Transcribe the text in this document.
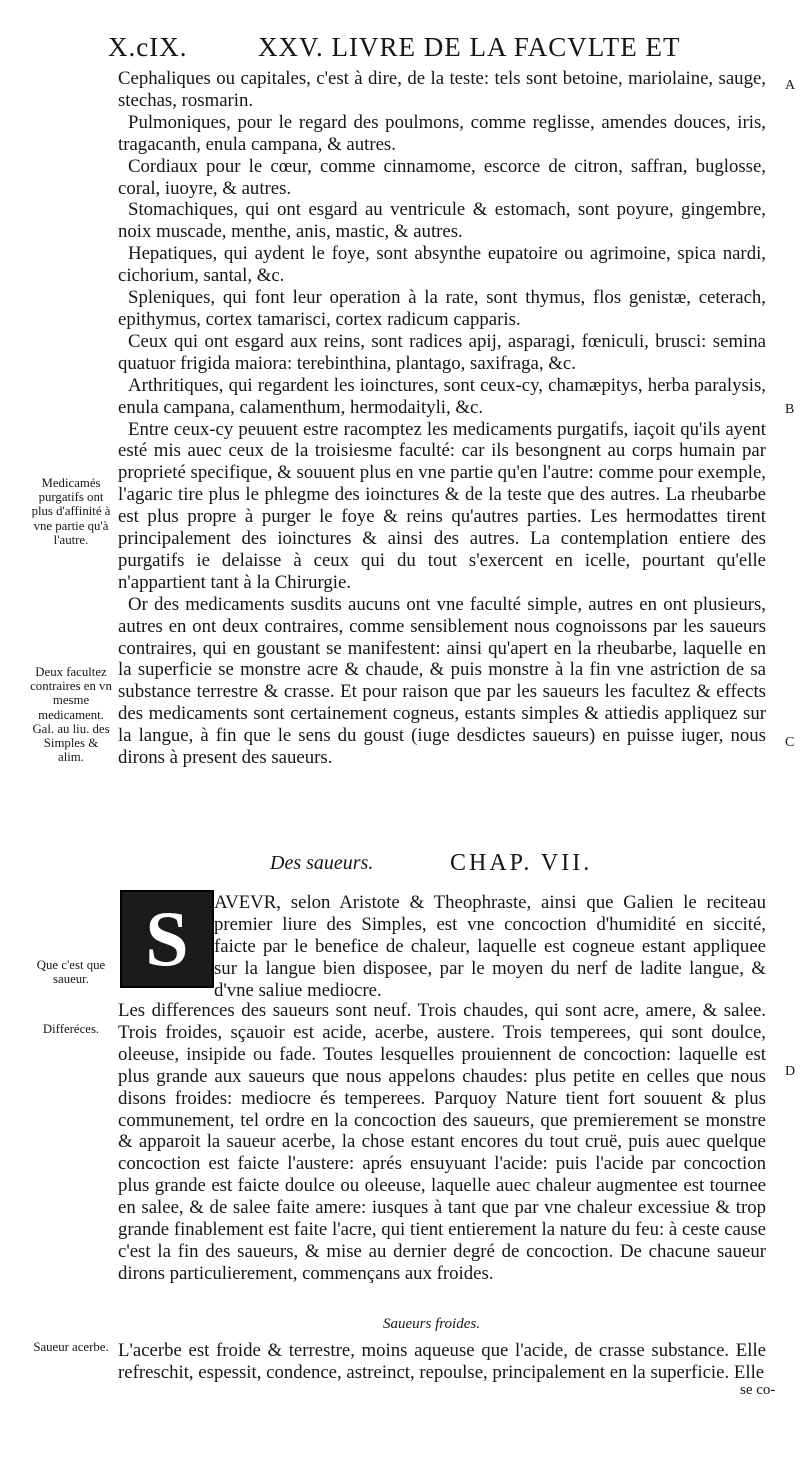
X.cIX.	XXV. LIVRE DE LA FACVLTE ET

Cephaliques ou capitales, c'est à dire, de la teste: tels sont betoine, mariolaine, sauge, stechas, rosmarin.

Pulmoniques, pour le regard des poulmons, comme reglisse, amendes douces, iris, tragacanth, enula campana, & autres.

Cordiaux pour le cœur, comme cinnamome, escorce de citron, saffran, buglosse, coral, iuoyre, & autres.

Stomachiques, qui ont esgard au ventricule & estomach, sont poyure, gingembre, noix muscade, menthe, anis, mastic, & autres.

Hepatiques, qui aydent le foye, sont absynthe eupatoire ou agrimoine, spica nardi, cichorium, santal, &c.

Spleniques, qui font leur operation à la rate, sont thymus, flos genistæ, ceterach, epithymus, cortex tamarisci, cortex radicum capparis.

Ceux qui ont esgard aux reins, sont radices apij, asparagi, fœniculi, brusci: semina quatuor frigida maiora: terebinthina, plantago, saxifraga, &c.

Arthritiques, qui regardent les ioinctures, sont ceux-cy, chamæpitys, herba paralysis, enula campana, calamenthum, hermodaityli, &c.

Entre ceux-cy peuuent estre racomptez les medicaments purgatifs, iaçoit qu'ils ayent esté mis auec ceux de la troisiesme faculté: car ils besongnent au corps humain par proprieté specifique, & souuent plus en vne partie qu'en l'autre: comme pour exemple, l'agaric tire plus le phlegme des ioinctures & de la teste que des autres. La rheubarbe est plus propre à purger le foye & reins qu'autres parties. Les hermodattes tirent principalement des ioinctures & ainsi des autres. La contemplation entiere des purgatifs ie delaisse à ceux qui du tout s'exercent en icelle, pourtant qu'elle n'appartient tant à la Chirurgie.

Or des medicaments susdits aucuns ont vne faculté simple, autres en ont plusieurs, autres en ont deux contraires, comme sensiblement nous cognoissons par les saueurs contraires, qui en goustant se manifestent: ainsi qu'apert en la rheubarbe, laquelle en la superficie se monstre acre & chaude, & puis monstre à la fin vne astriction de sa substance terrestre & crasse. Et pour raison que par les saueurs les facultez & effects des medicaments sont certainement cogneus, estants simples & attiedis appliquez sur la langue, à fin que le sens du goust (iuge desdictes saueurs) en puisse iuger, nous dirons à present des saueurs.

Medicamés purgatifs ont plus d'affinité à vne partie qu'à l'autre.
Deux facultez contraires en vn mesme medicament. Gal. au liu. des Simples & alim.
Que c'est que saueur.
Differéces.
Saueur acerbe.
A
B
C
D
Des saueurs.	CHAP. VII.
S	AVEVR, selon Aristote & Theophraste, ainsi que Galien le reciteau premier liure des Simples, est vne concoction d'humidité en siccité, faicte par le benefice de chaleur, laquelle est cogneue estant appliquee sur la langue bien disposee, par le moyen du nerf de ladite langue, & d'vne saliue mediocre.
Les differences des saueurs sont neuf. Trois chaudes, qui sont acre, amere, & salee. Trois froides, sçauoir est acide, acerbe, austere. Trois temperees, qui sont doulce, oleeuse, insipide ou fade. Toutes lesquelles prouiennent de concoction: laquelle est plus grande aux saueurs que nous appelons chaudes: plus petite en celles que nous disons froides: mediocre és temperees. Parquoy Nature tient fort souuent & plus communement, tel ordre en la concoction des saueurs, que premierement se monstre & apparoit la saueur acerbe, la chose estant encores du tout cruë, puis auec quelque concoction est faicte l'austere: aprés ensuyuant l'acide: puis l'acide par concoction plus grande est faicte doulce ou oleeuse, laquelle auec chaleur augmentee est tournee en salee, & de salee faite amere: iusques à tant que par vne chaleur excessiue & trop grande finablement est faite l'acre, qui tient entierement la nature du feu: à ceste cause c'est la fin des saueurs, & mise au dernier degré de concoction. De chacune saueur dirons particulierement, commençans aux froides.
Saueurs froides.
L'acerbe est froide & terrestre, moins aqueuse que l'acide, de crasse substance. Elle refreschit, espessit, condence, astreinct, repoulse, principalement en la superficie. Elle
se co-
